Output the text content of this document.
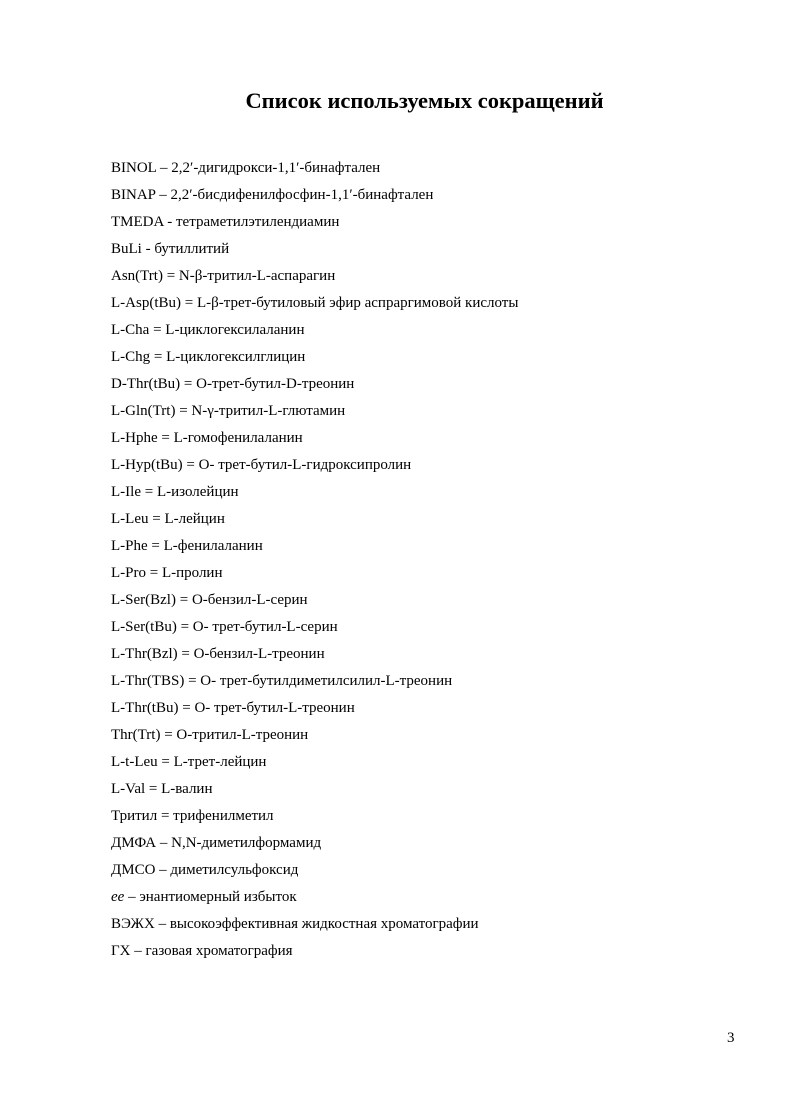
Список используемых сокращений
BINOL – 2,2′-дигидрокси-1,1′-бинафтален
BINAP – 2,2′-бисдифенилфосфин-1,1′-бинафтален
TMEDA - тетраметилэтилендиамин
BuLi - бутиллитий
Asn(Trt) = N-β-тритил-L-аспарагин
L-Asp(tBu) = L-β-трет-бутиловый эфир аспраргимовой кислоты
L-Cha = L-циклогексилаланин
L-Chg = L-циклогексилглицин
D-Thr(tBu) = O-трет-бутил-D-треонин
L-Gln(Trt) = N-γ-тритил-L-глютамин
L-Hphe = L-гомофенилаланин
L-Hyp(tBu) = O- трет-бутил-L-гидроксипролин
L-Ile = L-изолейцин
L-Leu = L-лейцин
L-Phe = L-фенилаланин
L-Pro = L-пролин
L-Ser(Bzl) = O-бензил-L-серин
L-Ser(tBu) = O- трет-бутил-L-серин
L-Thr(Bzl) = O-бензил-L-треонин
L-Thr(TBS) = O- трет-бутилдиметилсилил-L-треонин
L-Thr(tBu) = O- трет-бутил-L-треонин
Thr(Trt) = O-тритил-L-треонин
L-t-Leu = L-трет-лейцин
L-Val = L-валин
Тритил = трифенилметил
ДМФА – N,N-диметилформамид
ДМСО – диметилсульфоксид
ee – энантиомерный избыток
ВЭЖХ – высокоэффективная жидкостная хроматографии
ГХ – газовая хроматография
3
